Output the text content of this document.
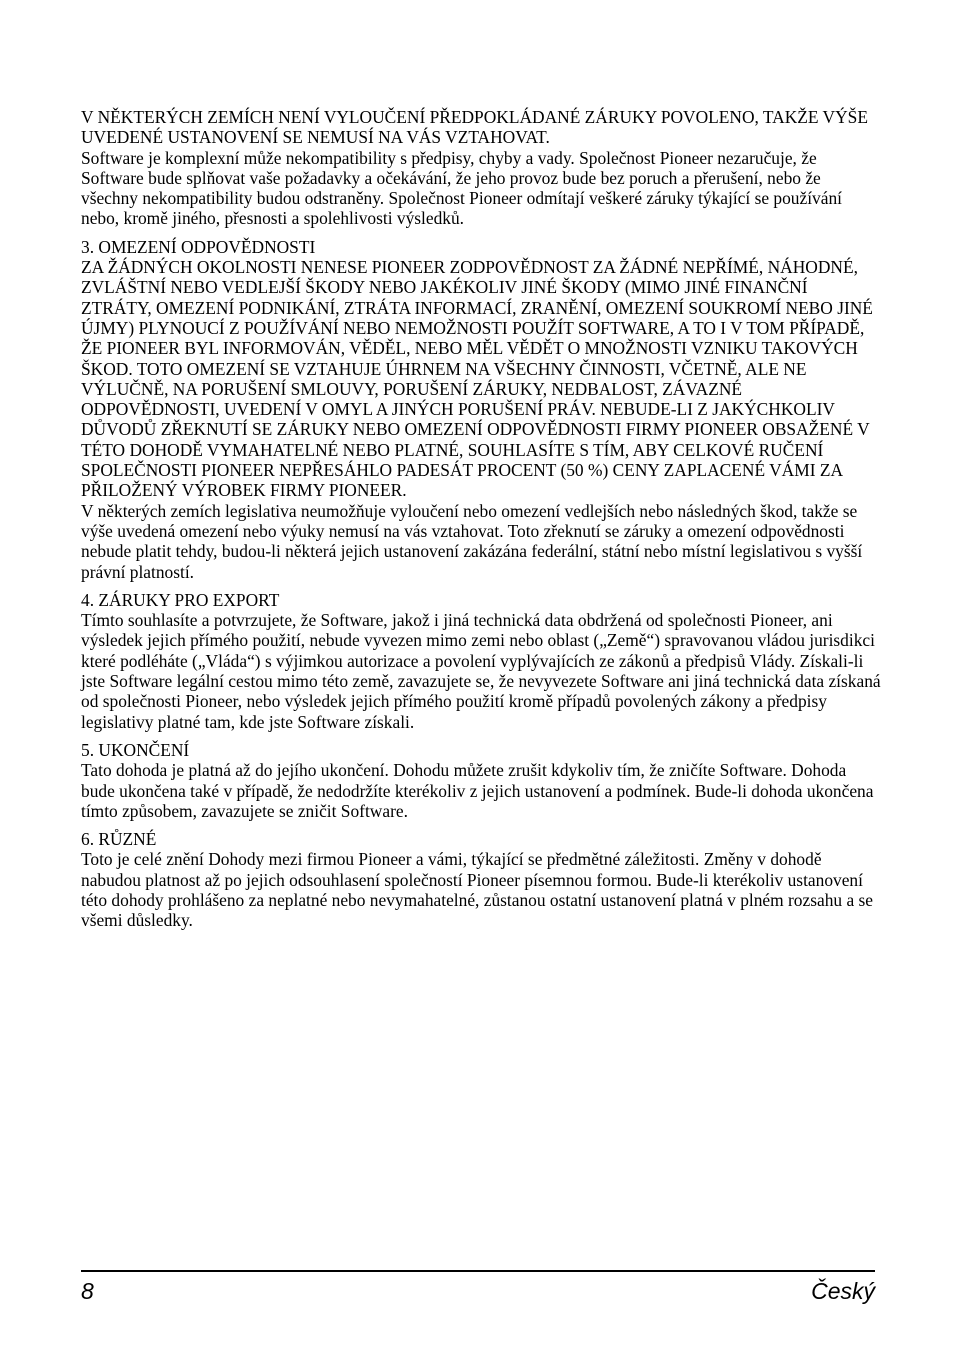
V NĚKTERÝCH ZEMÍCH NENÍ VYLOUČENÍ PŘEDPOKLÁDANÉ ZÁRUKY POVOLENO, TAKŽE VÝŠE UVEDENÉ USTANOVENÍ SE NEMUSÍ NA VÁS VZTAHOVAT.

Software je komplexní může nekompatibility s předpisy, chyby a vady. Společnost Pioneer nezaručuje, že Software bude splňovat vaše požadavky a očekávání, že jeho provoz bude bez poruch a přerušení, nebo že všechny nekompatibility budou odstraněny. Společnost Pioneer odmítají veškeré záruky týkající se používání nebo, kromě jiného, přesnosti a spolehlivosti výsledků.

3. OMEZENÍ ODPOVĚDNOSTI

ZA ŽÁDNÝCH OKOLNOSTI NENESE PIONEER ZODPOVĚDNOST ZA ŽÁDNÉ NEPŘÍMÉ, NÁHODNÉ, ZVLÁŠTNÍ NEBO VEDLEJŠÍ ŠKODY NEBO JAKÉKOLIV JINÉ ŠKODY (MIMO JINÉ FINANČNÍ ZTRÁTY, OMEZENÍ PODNIKÁNÍ, ZTRÁTA INFORMACÍ, ZRANĚNÍ, OMEZENÍ SOUKROMÍ NEBO JINÉ ÚJMY) PLYNOUCÍ Z POUŽÍVÁNÍ NEBO NEMOŽNOSTI POUŽÍT SOFTWARE, A TO I V TOM PŘÍPADĚ, ŽE PIONEER BYL INFORMOVÁN, VĚDĚL, NEBO MĚL VĚDĚT O MNOŽNOSTI VZNIKU TAKOVÝCH ŠKOD. TOTO OMEZENÍ SE VZTAHUJE ÚHRNEM NA VŠECHNY ČINNOSTI, VČETNĚ, ALE NE VÝLUČNĚ, NA PORUŠENÍ SMLOUVY, PORUŠENÍ ZÁRUKY, NEDBALOST, ZÁVAZNÉ ODPOVĚDNOSTI, UVEDENÍ V OMYL A JINÝCH PORUŠENÍ PRÁV. NEBUDE-LI Z JAKÝCHKOLIV DŮVODŮ ZŘEKNUTÍ SE ZÁRUKY NEBO OMEZENÍ ODPOVĚDNOSTI FIRMY PIONEER OBSAŽENÉ V TÉTO DOHODĚ VYMAHATELNÉ NEBO PLATNÉ, SOUHLASÍTE S TÍM, ABY CELKOVÉ RUČENÍ SPOLEČNOSTI PIONEER NEPŘESÁHLO PADESÁT PROCENT (50 %) CENY ZAPLACENÉ VÁMI ZA PŘILOŽENÝ VÝROBEK FIRMY PIONEER.

V některých zemích legislativa neumožňuje vyloučení nebo omezení vedlejších nebo následných škod, takže se výše uvedená omezení nebo výuky nemusí na vás vztahovat. Toto zřeknutí se záruky a omezení odpovědnosti nebude platit tehdy, budou-li některá jejich ustanovení zakázána federální, státní nebo místní legislativou s vyšší právní platností.

4. ZÁRUKY PRO EXPORT

Tímto souhlasíte a potvrzujete, že Software, jakož i jiná technická data obdržená od společnosti Pioneer, ani výsledek jejich přímého použití, nebude vyvezen mimo zemi nebo oblast („Země“) spravovanou vládou jurisdikci které podléháte („Vláda“) s výjimkou autorizace a povolení vyplývajících ze zákonů a předpisů Vlády. Získali-li jste Software legální cestou mimo této země, zavazujete se, že nevyvezete Software ani jiná technická data získaná od společnosti Pioneer, nebo výsledek jejich přímého použití kromě případů povolených zákony a předpisy legislativy platné tam, kde jste Software získali.

5. UKONČENÍ

Tato dohoda je platná až do jejího ukončení. Dohodu můžete zrušit kdykoliv tím, že zničíte Software. Dohoda bude ukončena také v případě, že nedodržíte kterékoliv z jejich ustanovení a podmínek. Bude-li dohoda ukončena tímto způsobem, zavazujete se zničit Software.

6. RŮZNÉ

Toto je celé znění Dohody mezi firmou Pioneer a vámi, týkající se předmětné záležitosti. Změny v dohodě nabudou platnost až po jejich odsouhlasení společností Pioneer písemnou formou. Bude-li kterékoliv ustanovení této dohody prohlášeno za neplatné nebo nevymahatelné, zůstanou ostatní ustanovení platná v plném rozsahu a se všemi důsledky.

8	Český
